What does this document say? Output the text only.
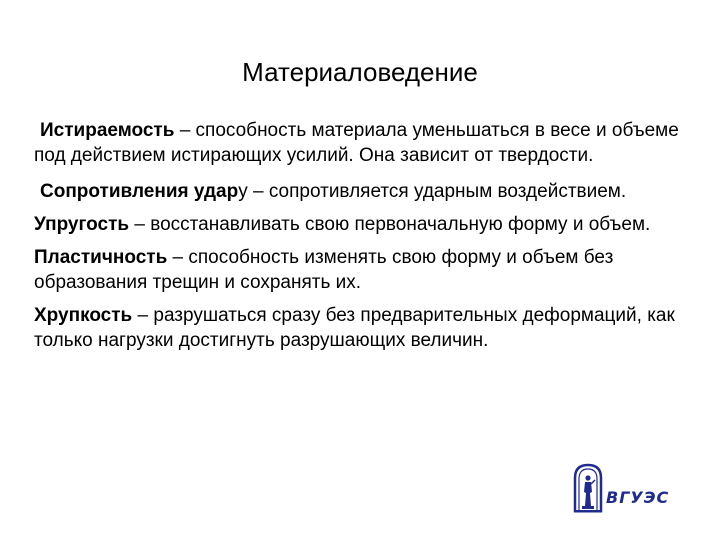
Материаловедение
Истираемость – способность материала уменьшаться в весе и объеме под действием истирающих усилий. Она зависит от твердости.
Сопротивления удару – сопротивляется ударным воздействием.
Упругость – восстанавливать свою первоначальную форму и объем.
Пластичность – способность изменять свою форму и объем без образования трещин и сохранять их.
Хрупкость – разрушаться сразу без предварительных деформаций, как только нагрузки достигнуть разрушающих величин.
ВГУЭС
